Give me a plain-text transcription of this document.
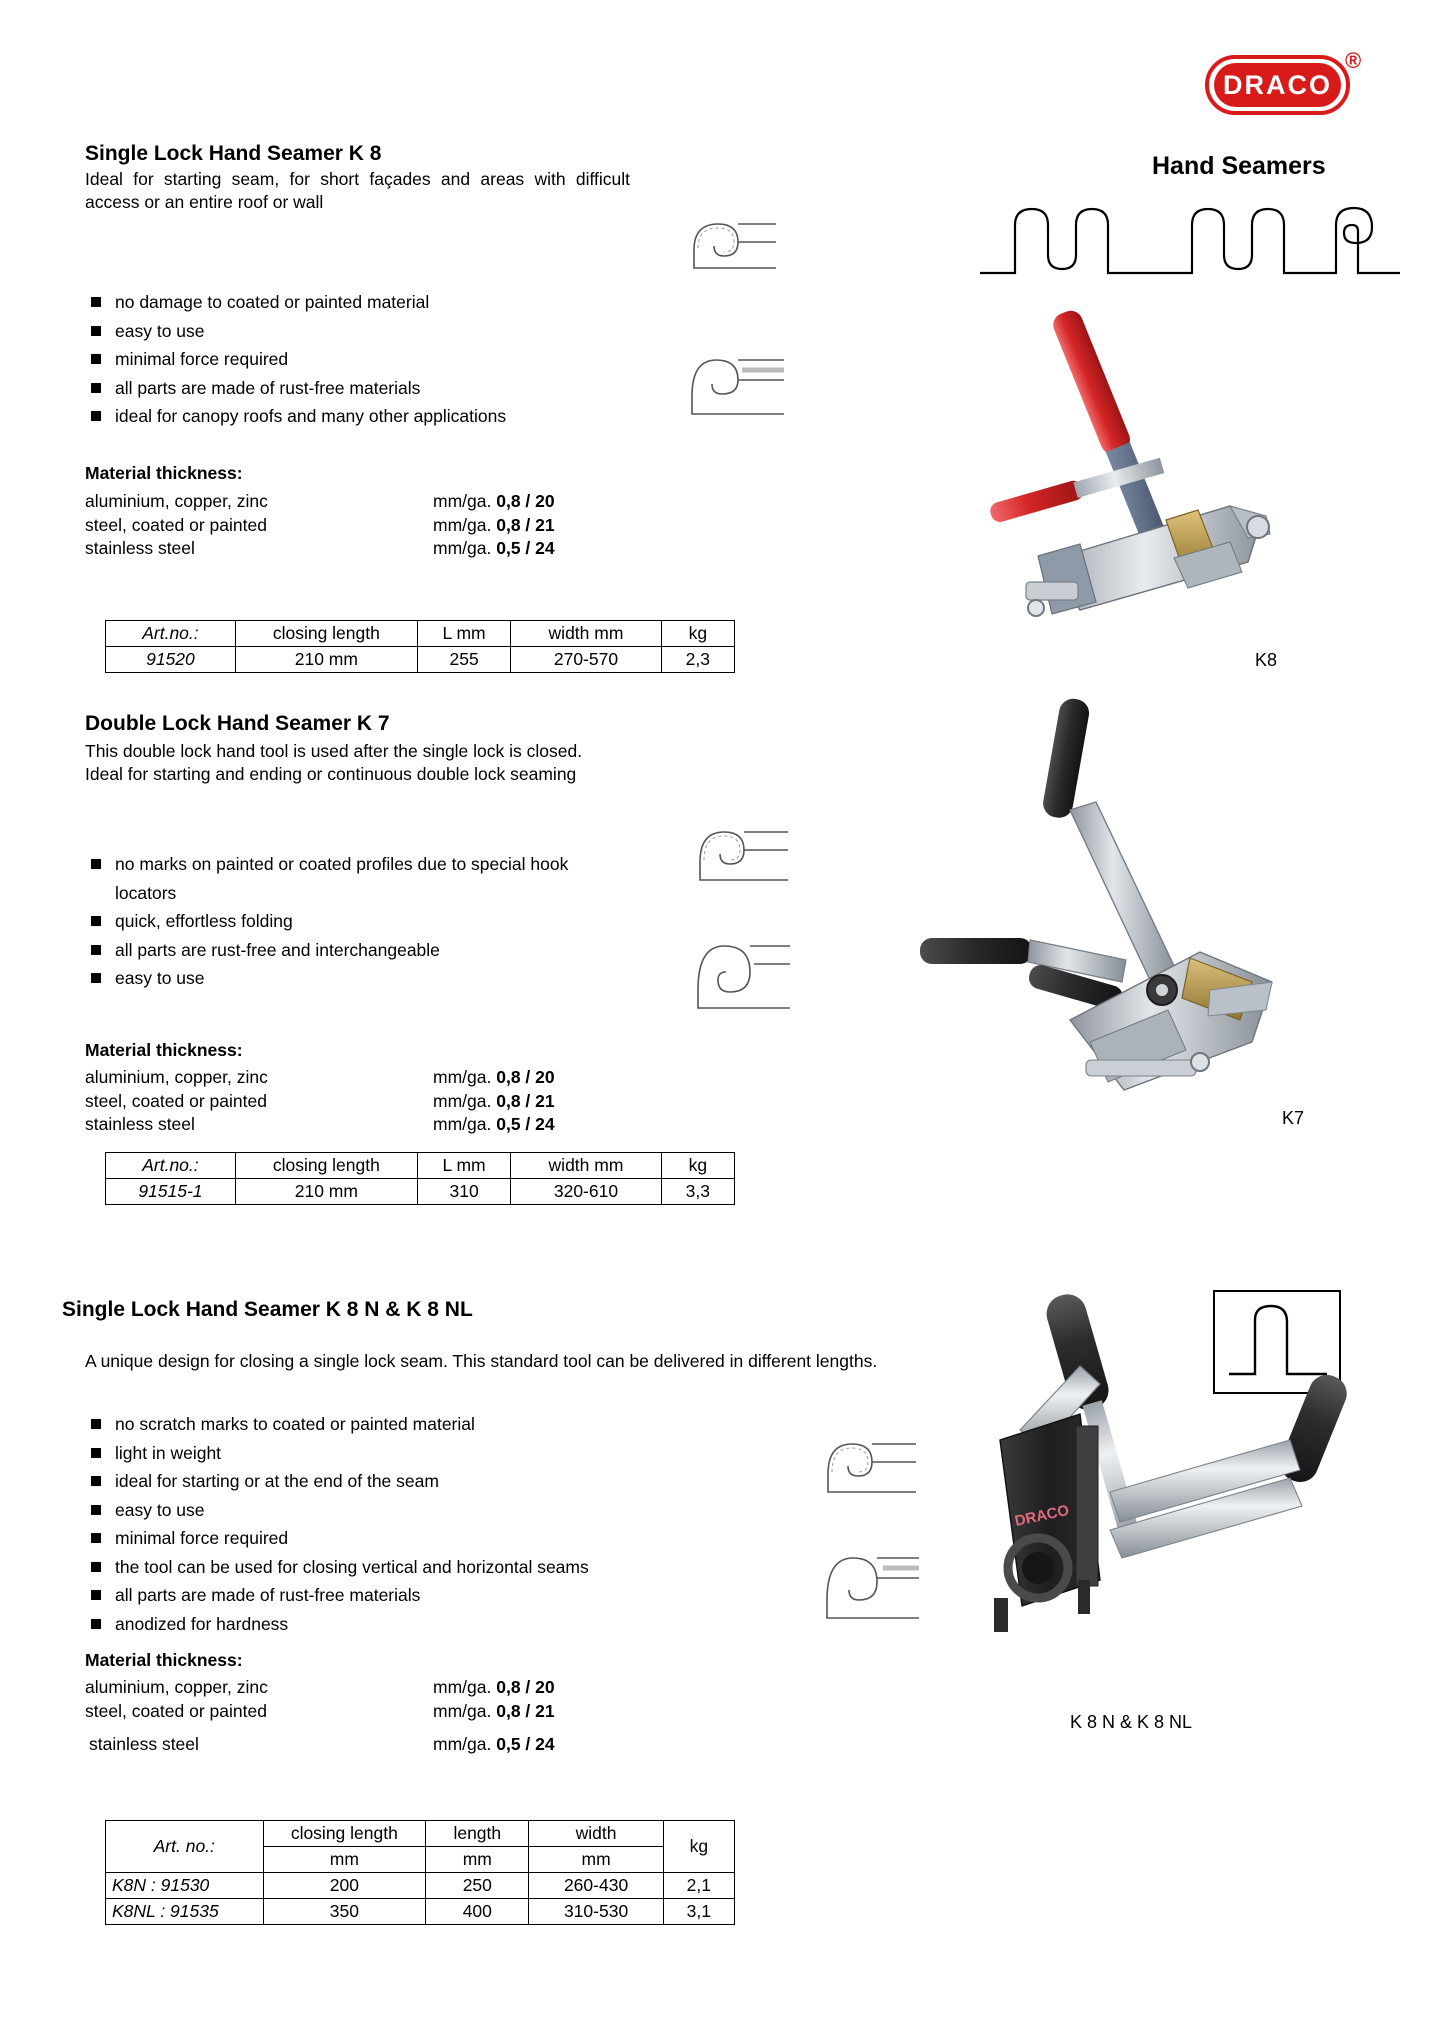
DRACO
®
Hand Seamers
Single Lock Hand Seamer K 8
Ideal for starting seam, for short façades and areas with difficult access or an entire roof or wall
no damage to coated or painted material
easy to use
minimal force required
all parts are made of rust-free materials
ideal for canopy roofs and many other applications
Material thickness:
aluminium, copper, zinc	mm/ga. 0,8 / 20
steel, coated or painted	mm/ga. 0,8 / 21
stainless steel	mm/ga. 0,5 / 24
Art.no.:	closing length	L mm	width mm	kg
91520	210 mm	255	270-570	2,3	K8
Double Lock Hand Seamer K 7
This double lock hand tool is used after the single lock is closed. Ideal for starting and ending or continuous double lock seaming
no marks on painted or coated profiles due to special hook locators
quick, effortless folding
all parts are rust-free and interchangeable
easy to use
Material thickness:
aluminium, copper, zinc	mm/ga. 0,8 / 20
steel, coated or painted	mm/ga. 0,8 / 21
stainless steel	mm/ga. 0,5 / 24
Art.no.:	closing length	L mm	width mm	kg
91515-1	210 mm	310	320-610	3,3
K7
Single Lock Hand Seamer K 8 N & K 8 NL
A unique design for closing a single lock seam. This standard tool can be delivered in different lengths.
no scratch marks to coated or painted material
light in weight
ideal for starting or at the end of the seam
easy to use
minimal force required
the tool can be used for closing vertical and horizontal seams
all parts are made of rust-free materials
anodized for hardness
Material thickness:
aluminium, copper, zinc	mm/ga. 0,8 / 20
steel, coated or painted	mm/ga. 0,8 / 21
stainless steel	mm/ga. 0,5 / 24
Art. no.:	closing length	length	width	kg
	mm	mm	mm	
K8N : 91530	200	250	260-430	2,1
K8NL : 91535	350	400	310-530	3,1
DRACO
K 8 N & K 8 NL
